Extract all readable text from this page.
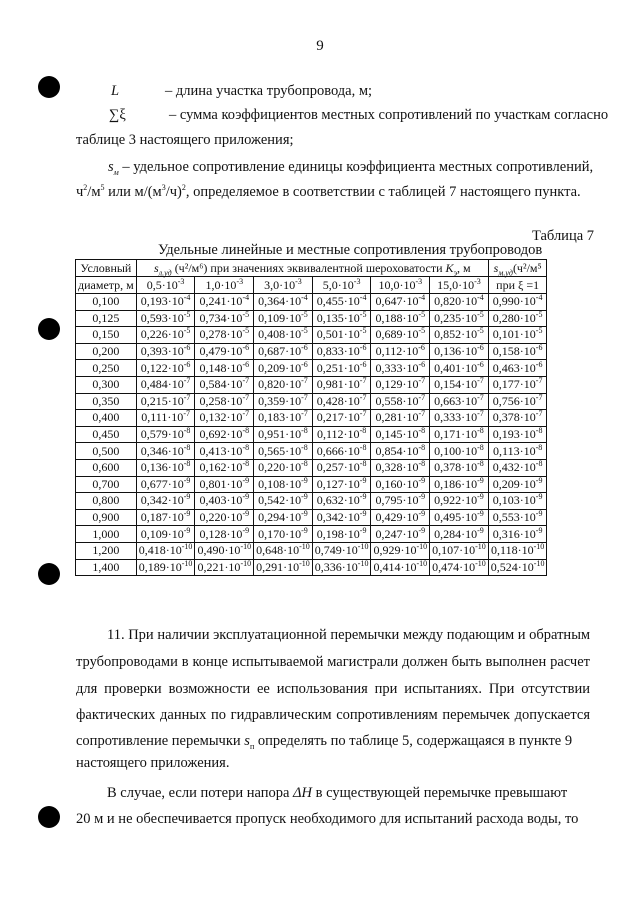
9
L	– длина участка трубопровода, м;
∑ξ	– сумма коэффициентов местных сопротивлений по участкам согласно
таблице 3 настоящего приложения;
$s_м$ – удельное сопротивление единицы коэффициента местных сопротивлений,
$ч^2/м^5$ или $м/(м^3/ч)^2$, определяемое в соответствии с таблицей 7 настоящего пункта.
Таблица 7
Удельные линейные и местные сопротивления трубопроводов
Условный	$s_{л.уд}$ (ч²/м⁶) при значениях эквивалентной шероховатости $K_э$, м						$s_{м.уд}(ч^2/м^5$
диаметр, м	$0,5\cdot 10^{-3}$	$1,0\cdot 10^{-3}$	$3,0\cdot 10^{-3}$	$5,0\cdot 10^{-3}$	$10,0\cdot 10^{-3}$	$15,0\cdot 10^{-3}$	при ξ =1
0,100	$0,193\cdot 10^{-4}$	$0,241\cdot 10^{-4}$	$0,364\cdot 10^{-4}$	$0,455\cdot 10^{-4}$	$0,647\cdot 10^{-4}$	$0,820\cdot 10^{-4}$	$0,990\cdot 10^{-4}$
0,125	$0,593\cdot 10^{-5}$	$0,734\cdot 10^{-5}$	$0,109\cdot 10^{-5}$	$0,135\cdot 10^{-5}$	$0,188\cdot 10^{-5}$	$0,235\cdot 10^{-5}$	$0,280\cdot 10^{-5}$
0,150	$0,226\cdot 10^{-5}$	$0,278\cdot 10^{-5}$	$0,408\cdot 10^{-5}$	$0,501\cdot 10^{-5}$	$0,689\cdot 10^{-5}$	$0,852\cdot 10^{-5}$	$0,101\cdot 10^{-5}$
0,200	$0,393\cdot 10^{-6}$	$0,479\cdot 10^{-6}$	$0,687\cdot 10^{-6}$	$0,833\cdot 10^{-6}$	$0,112\cdot 10^{-6}$	$0,136\cdot 10^{-6}$	$0,158\cdot 10^{-6}$
0,250	$0,122\cdot 10^{-6}$	$0,148\cdot 10^{-6}$	$0,209\cdot 10^{-6}$	$0,251\cdot 10^{-6}$	$0,333\cdot 10^{-6}$	$0,401\cdot 10^{-6}$	$0,463\cdot 10^{-6}$
0,300	$0,484\cdot 10^{-7}$	$0,584\cdot 10^{-7}$	$0,820\cdot 10^{-7}$	$0,981\cdot 10^{-7}$	$0,129\cdot 10^{-7}$	$0,154\cdot 10^{-7}$	$0,177\cdot 10^{-7}$
0,350	$0,215\cdot 10^{-7}$	$0,258\cdot 10^{-7}$	$0,359\cdot 10^{-7}$	$0,428\cdot 10^{-7}$	$0,558\cdot 10^{-7}$	$0,663\cdot 10^{-7}$	$0,756\cdot 10^{-7}$
0,400	$0,111\cdot 10^{-7}$	$0,132\cdot 10^{-7}$	$0,183\cdot 10^{-7}$	$0,217\cdot 10^{-7}$	$0,281\cdot 10^{-7}$	$0,333\cdot 10^{-7}$	$0,378\cdot 10^{-7}$
0,450	$0,579\cdot 10^{-8}$	$0,692\cdot 10^{-8}$	$0,951\cdot 10^{-8}$	$0,112\cdot 10^{-8}$	$0,145\cdot 10^{-8}$	$0,171\cdot 10^{-8}$	$0,193\cdot 10^{-8}$
0,500	$0,346\cdot 10^{-8}$	$0,413\cdot 10^{-8}$	$0,565\cdot 10^{-8}$	$0,666\cdot 10^{-8}$	$0,854\cdot 10^{-8}$	$0,100\cdot 10^{-8}$	$0,113\cdot 10^{-8}$
0,600	$0,136\cdot 10^{-8}$	$0,162\cdot 10^{-8}$	$0,220\cdot 10^{-8}$	$0,257\cdot 10^{-8}$	$0,328\cdot 10^{-8}$	$0,378\cdot 10^{-8}$	$0,432\cdot 10^{-8}$
0,700	$0,677\cdot 10^{-9}$	$0,801\cdot 10^{-9}$	$0,108\cdot 10^{-9}$	$0,127\cdot 10^{-9}$	$0,160\cdot 10^{-9}$	$0,186\cdot 10^{-9}$	$0,209\cdot 10^{-9}$
0,800	$0,342\cdot 10^{-9}$	$0,403\cdot 10^{-9}$	$0,542\cdot 10^{-9}$	$0,632\cdot 10^{-9}$	$0,795\cdot 10^{-9}$	$0,922\cdot 10^{-9}$	$0,103\cdot 10^{-9}$
0,900	$0,187\cdot 10^{-9}$	$0,220\cdot 10^{-9}$	$0,294\cdot 10^{-9}$	$0,342\cdot 10^{-9}$	$0,429\cdot 10^{-9}$	$0,495\cdot 10^{-9}$	$0,553\cdot 10^{-9}$
1,000	$0,109\cdot 10^{-9}$	$0,128\cdot 10^{-9}$	$0,170\cdot 10^{-9}$	$0,198\cdot 10^{-9}$	$0,247\cdot 10^{-9}$	$0,284\cdot 10^{-9}$	$0,316\cdot 10^{-9}$
1,200	$0,418\cdot 10^{-10}$	$0,490\cdot 10^{-10}$	$0,648\cdot 10^{-10}$	$0,749\cdot 10^{-10}$	$0,929\cdot 10^{-10}$	$0,107\cdot 10^{-10}$	$0,118\cdot 10^{-10}$
1,400	$0,189\cdot 10^{-10}$	$0,221\cdot 10^{-10}$	$0,291\cdot 10^{-10}$	$0,336\cdot 10^{-10}$	$0,414\cdot 10^{-10}$	$0,474\cdot 10^{-10}$	$0,524\cdot 10^{-10}$
11. При наличии эксплуатационной перемычки между подающим и обратным
трубопроводами в конце испытываемой магистрали должен быть выполнен расчет
для проверки возможности ее использования при испытаниях. При отсутствии
фактических данных по гидравлическим сопротивлениям перемычек допускается
сопротивление перемычки $s_п$ определять по таблице 5, содержащаяся в пункте 9
настоящего приложения.
В случае, если потери напора ΔH в существующей перемычке превышают
20 м и не обеспечивается пропуск необходимого для испытаний расхода воды, то
